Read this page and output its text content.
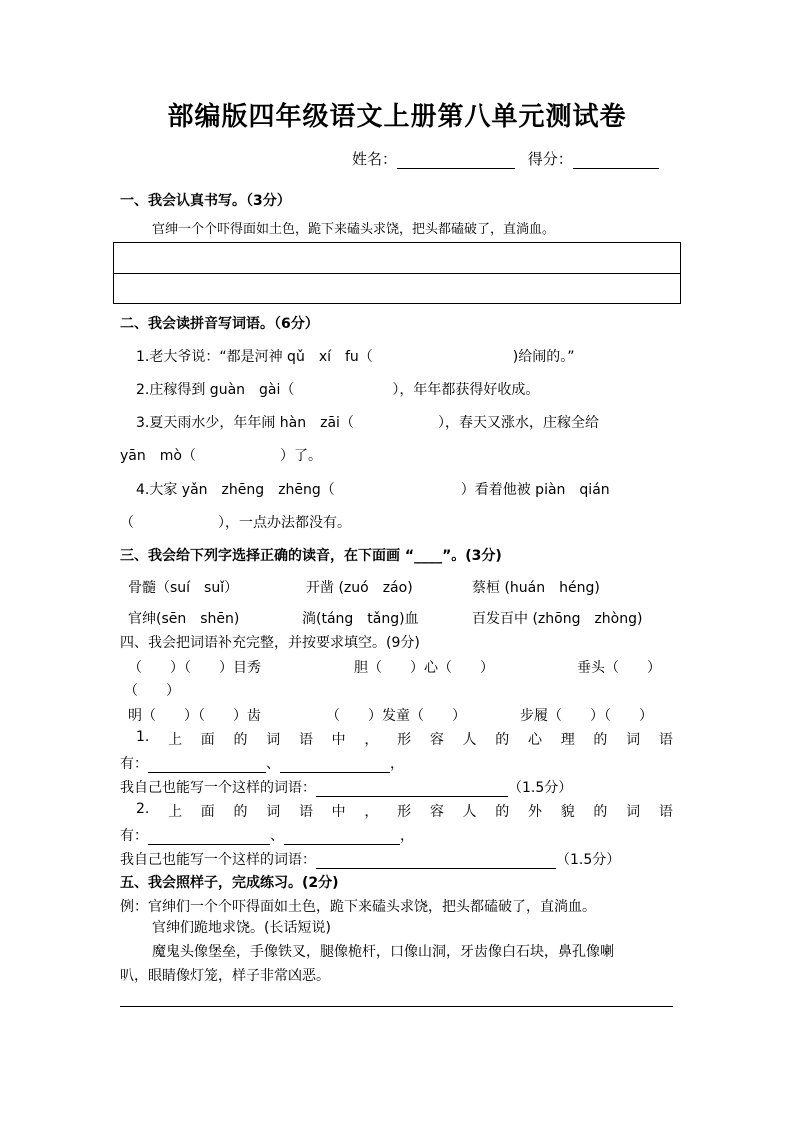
部编版四年级语文上册第八单元测试卷
姓名：	得分：
一、我会认真书写。（3分）
官绅一个个吓得面如土色，跪下来磕头求饶，把头都磕破了，直淌血。
二、我会读拼音写词语。（6分）
1.老大爷说：“都是河神 qǔ　xí　fu（　　　　　　　　　　)给闹的。”
2.庄稼得到 guàn　gài（　　　　　　　），年年都获得好收成。
3.夏天雨水少，年年闹 hàn　zāi（　　　　　　），春天又涨水，庄稼全给
yān　mò（　　　　　　）了。
4.大家 yǎn　zhēng　zhēng（　　　　　　　　　）看着他被 piàn　qián
（　　　　　　），一点办法都没有。
三、我会给下列字选择正确的读音，在下面画 “____”。(3分)
骨髓（suí　suǐ）	开凿 (zuó　záo)	蔡桓 (huán　héng)
官绅(sēn　shēn)	淌(táng　tǎng)血	百发百中 (zhōng　zhòng)
四、我会把词语补充完整，并按要求填空。(9分)
（　　）（　　）目秀	胆（　　）心（　　）	垂头（　　）
（　　）
明（　　）（　　）齿	（　　）发童（　　）	步履（　　）（　　）
1. 上 面 的 词 语 中 ， 形 容 人 的 心 理 的 词 语
有：	、	，
我自己也能写一个这样的词语：	（1.5分）
2. 上 面 的 词 语 中 ， 形 容 人 的 外 貌 的 词 语
有：	、	，
我自己也能写一个这样的词语：	（1.5分）
五、我会照样子，完成练习。(2分)
例：官绅们一个个吓得面如土色，跪下来磕头求饶，把头都磕破了，直淌血。
官绅们跪地求饶。(长话短说)
魔鬼头像堡垒，手像铁叉，腿像桅杆，口像山洞，牙齿像白石块，鼻孔像喇
叭，眼睛像灯笼，样子非常凶恶。
